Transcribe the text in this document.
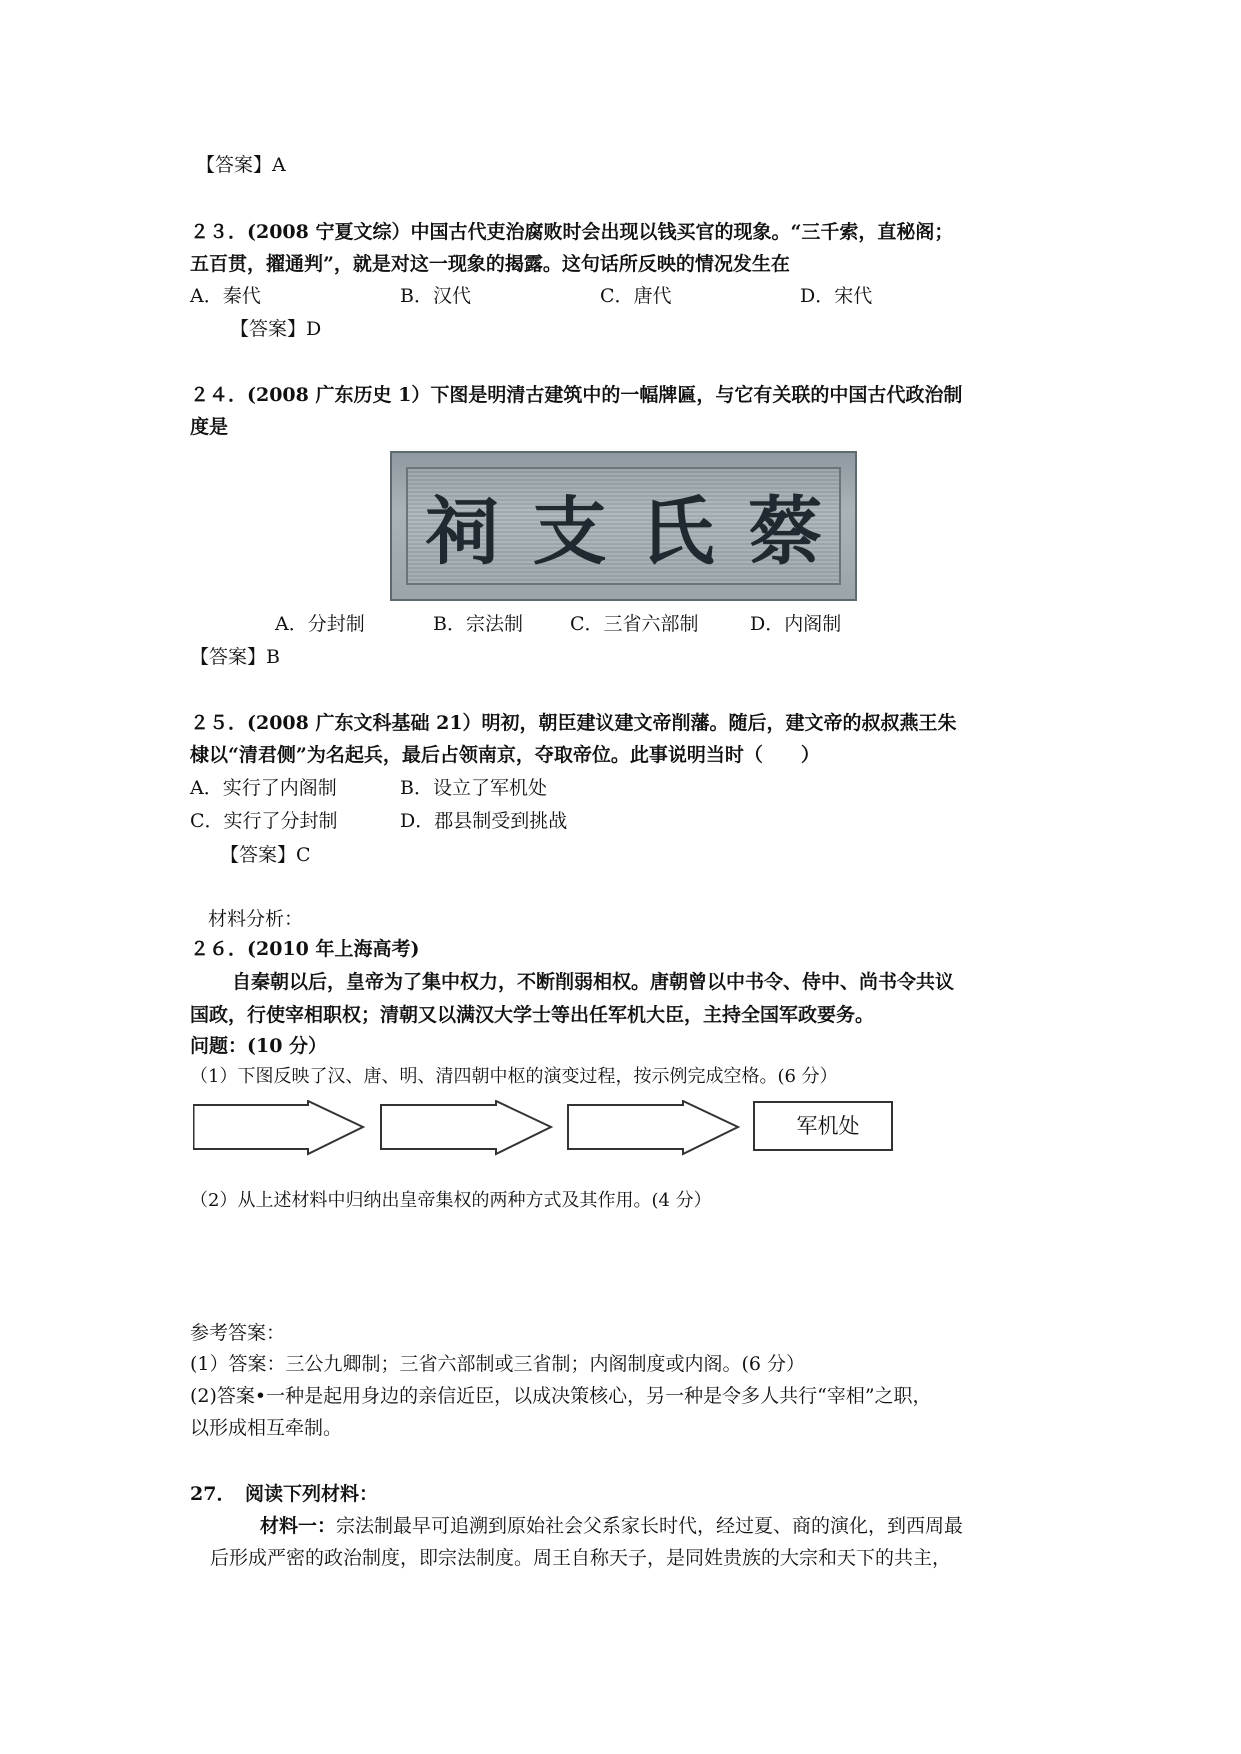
【答案】A
２３．(2008 宁夏文综）中国古代吏治腐败时会出现以钱买官的现象。“三千索，直秘阁；
五百贯，擢通判”，就是对这一现象的揭露。这句话所反映的情况发生在
A．秦代	B．汉代	C．唐代	D．宋代
【答案】D
２４．(2008 广东历史 1）下图是明清古建筑中的一幅牌匾，与它有关联的中国古代政治制
度是
祠 支 氏 蔡
A．分封制	B．宗法制 C．三省六部制	D．内阁制
【答案】B
２５．(2008 广东文科基础 21）明初，朝臣建议建文帝削藩。随后，建文帝的叔叔燕王朱
棣以“清君侧”为名起兵，最后占领南京，夺取帝位。此事说明当时（　　）
A．实行了内阁制	B．设立了军机处
C．实行了分封制	D．郡县制受到挑战
【答案】C
材料分析：
２６．(2010 年上海高考)
自秦朝以后，皇帝为了集中权力，不断削弱相权。唐朝曾以中书令、侍中、尚书令共议
国政，行使宰相职权；清朝又以满汉大学士等出任军机大臣，主持全国军政要务。
问题：(10 分）
（1）下图反映了汉、唐、明、清四朝中枢的演变过程，按示例完成空格。(6 分）
军机处
（2）从上述材料中归纳出皇帝集权的两种方式及其作用。(4 分）
参考答案：
(1）答案：三公九卿制；三省六部制或三省制；内阁制度或内阁。(6 分）
(2)答案•一种是起用身边的亲信近臣，以成决策核心，另一种是令多人共行“宰相”之职，
以形成相互牵制。
27．　阅读下列材料：
材料一：宗法制最早可追溯到原始社会父系家长时代，经过夏、商的演化，到西周最
后形成严密的政治制度，即宗法制度。周王自称天子，是同姓贵族的大宗和天下的共主，
